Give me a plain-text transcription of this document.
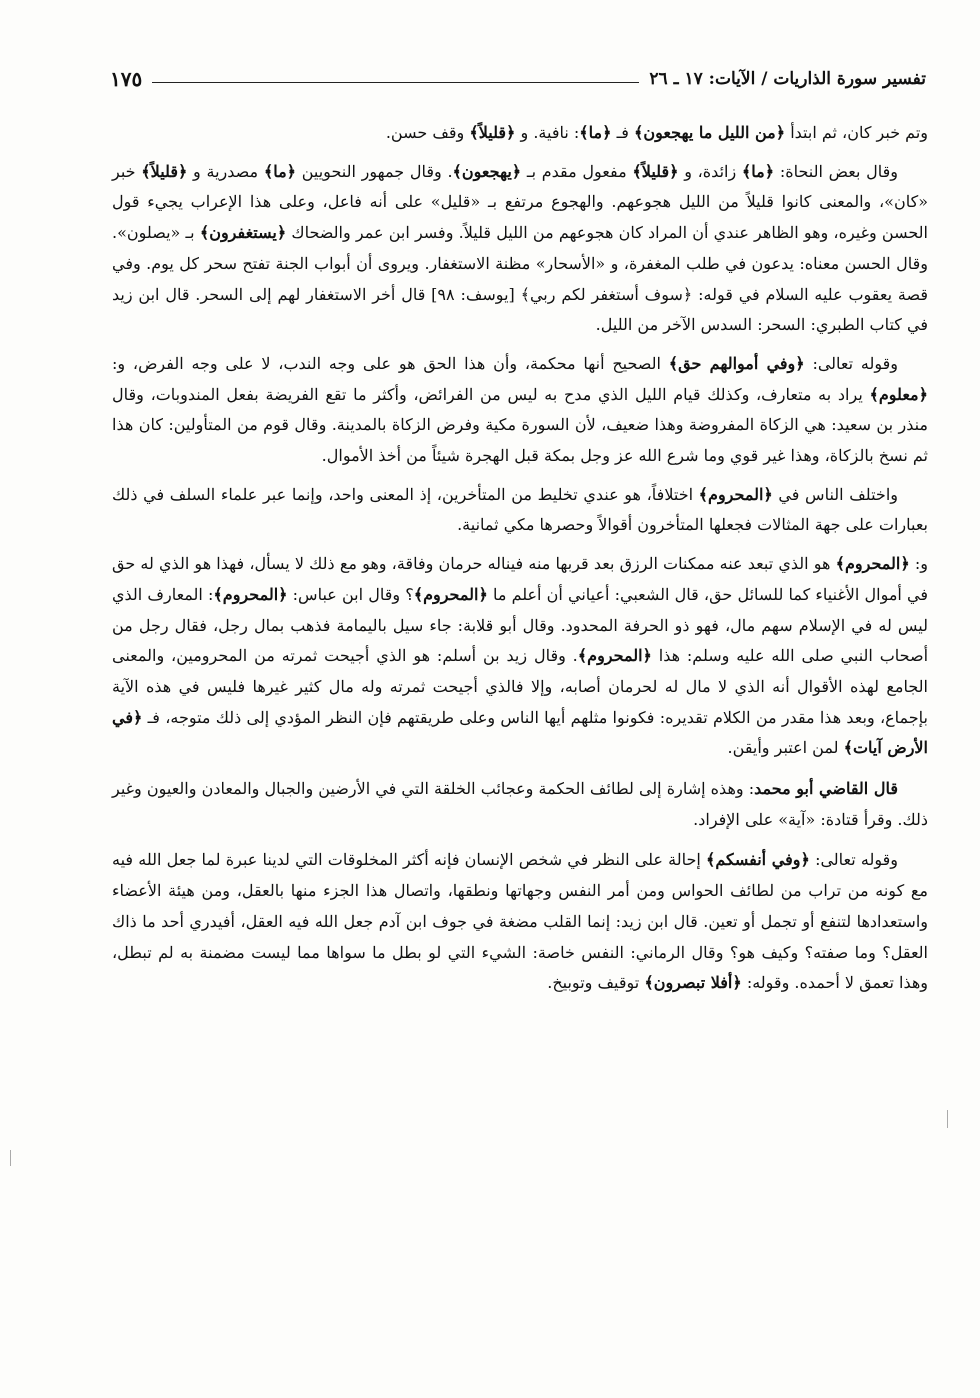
تفسير سورة الذاريات / الآيات: ١٧ ـ ٢٦
١٧٥

وتم خبر كان، ثم ابتدأ ﴿من الليل ما يهجعون﴾ فـ ﴿ما﴾: نافية. و ﴿قليلاً﴾ وقف حسن.

وقال بعض النحاة: ﴿ما﴾ زائدة، و ﴿قليلاً﴾ مفعول مقدم بـ ﴿يهجعون﴾. وقال جمهور النحويين ﴿ما﴾ مصدرية و ﴿قليلاً﴾ خبر «كان»، والمعنى كانوا قليلاً من الليل هجوعهم. والهجوع مرتفع بـ «قليل» على أنه فاعل، وعلى هذا الإعراب يجيء قول الحسن وغيره، وهو الظاهر عندي أن المراد كان هجوعهم من الليل قليلاً. وفسر ابن عمر والضحاك ﴿يستغفرون﴾ بـ «يصلون». وقال الحسن معناه: يدعون في طلب المغفرة، و «الأسحار» مظنة الاستغفار. ويروى أن أبواب الجنة تفتح سحر كل يوم. وفي قصة يعقوب عليه السلام في قوله: ﴿سوف أستغفر لكم ربي﴾ [يوسف: ٩٨] قال أخر الاستغفار لهم إلى السحر. قال ابن زيد في كتاب الطبري: السحر: السدس الآخر من الليل.

وقوله تعالى: ﴿وفي أموالهم حق﴾ الصحيح أنها محكمة، وأن هذا الحق هو على وجه الندب، لا على وجه الفرض، و: ﴿معلوم﴾ يراد به متعارف، وكذلك قيام الليل الذي مدح به ليس من الفرائض، وأكثر ما تقع الفريضة بفعل المندوبات، وقال منذر بن سعيد: هي الزكاة المفروضة وهذا ضعيف، لأن السورة مكية وفرض الزكاة بالمدينة. وقال قوم من المتأولين: كان هذا ثم نسخ بالزكاة، وهذا غير قوي وما شرع الله عز وجل بمكة قبل الهجرة شيئاً من أخذ الأموال.

واختلف الناس في ﴿المحروم﴾ اختلافاً، هو عندي تخليط من المتأخرين، إذ المعنى واحد، وإنما عبر علماء السلف في ذلك بعبارات على جهة المثالات فجعلها المتأخرون أقوالاً وحصرها مكي ثمانية.

و: ﴿المحروم﴾ هو الذي تبعد عنه ممكنات الرزق بعد قربها منه فيناله حرمان وفاقة، وهو مع ذلك لا يسأل، فهذا هو الذي له حق في أموال الأغنياء كما للسائل حق، قال الشعبي: أعياني أن أعلم ما ﴿المحروم﴾؟ وقال ابن عباس: ﴿المحروم﴾: المعارف الذي ليس له في الإسلام سهم مال، فهو ذو الحرفة المحدود. وقال أبو قلابة: جاء سيل باليمامة فذهب بمال رجل، فقال رجل من أصحاب النبي صلى الله عليه وسلم: هذا ﴿المحروم﴾. وقال زيد بن أسلم: هو الذي أجيحت ثمرته من المحرومين، والمعنى الجامع لهذه الأقوال أنه الذي لا مال له لحرمان أصابه، وإلا فالذي أجيحت ثمرته وله مال كثير غيرها فليس في هذه الآية بإجماع، وبعد هذا مقدر من الكلام تقديره: فكونوا مثلهم أيها الناس وعلى طريقتهم فإن النظر المؤدي إلى ذلك متوجه، فـ ﴿في الأرض آيات﴾ لمن اعتبر وأيقن.

قال القاضي أبو محمد: وهذه إشارة إلى لطائف الحكمة وعجائب الخلقة التي في الأرضين والجبال والمعادن والعيون وغير ذلك. وقرأ قتادة: «آية» على الإفراد.

وقوله تعالى: ﴿وفي أنفسكم﴾ إحالة على النظر في شخص الإنسان فإنه أكثر المخلوقات التي لدينا عبرة لما جعل الله فيه مع كونه من تراب من لطائف الحواس ومن أمر النفس وجهاتها ونطقها، واتصال هذا الجزء منها بالعقل، ومن هيئة الأعضاء واستعدادها لتنفع أو تجمل أو تعين. قال ابن زيد: إنما القلب مضغة في جوف ابن آدم جعل الله فيه العقل، أفيدري أحد ما ذاك العقل؟ وما صفته؟ وكيف هو؟ وقال الرماني: النفس خاصة: الشيء التي لو بطل ما سواها مما ليست مضمنة به لم تبطل، وهذا تعمق لا أحمده. وقوله: ﴿أفلا تبصرون﴾ توقيف وتوبيخ.
